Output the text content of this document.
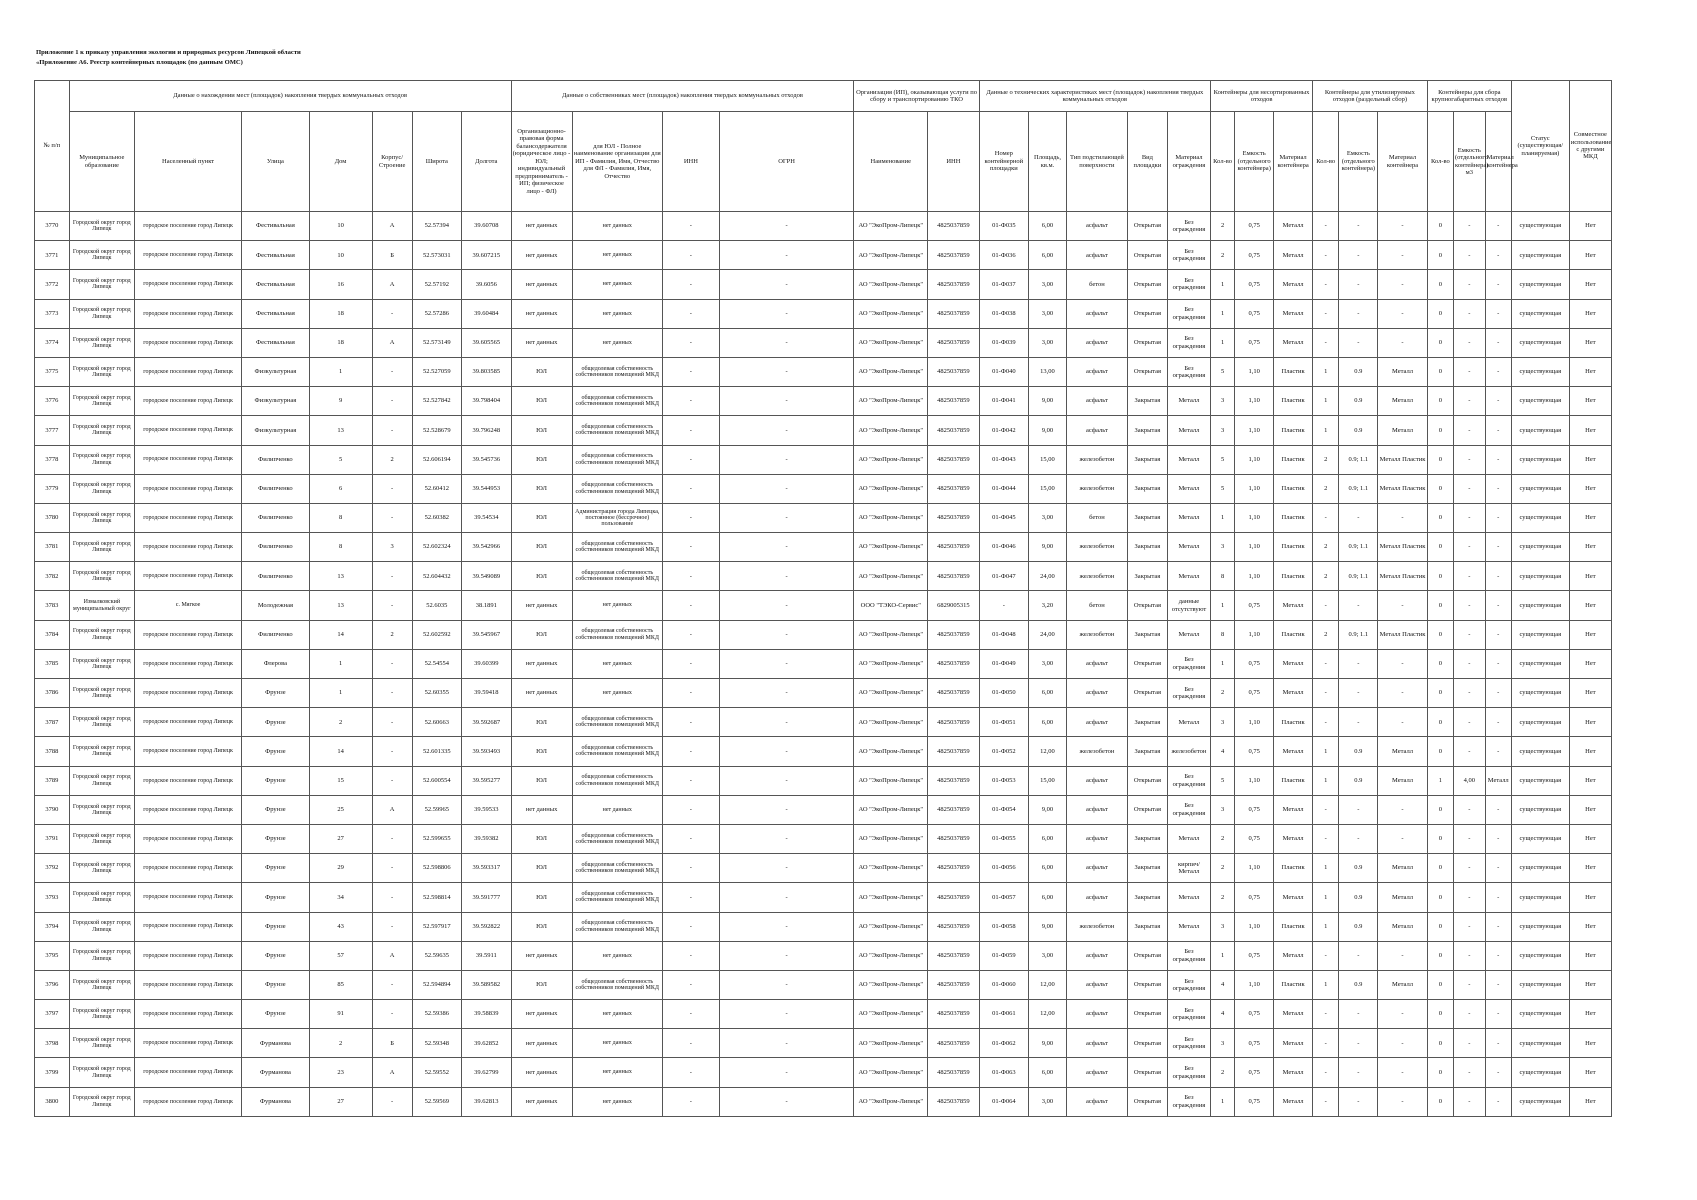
Приложение 1 к приказу управления экологии и природных ресурсов Липецкой области
«Приложение А6. Реестр контейнерных площадок (по данным ОМС)
№ п/п	Данные о нахождении мест (площадок) накопления твердых коммунальных отходов							Данные о собственниках мест (площадок) накопления твердых коммунальных отходов				Организация (ИП), оказывающая услуги по сбору и транспортированию ТКО		Данные о технических характеристиках мест (площадок) накопления твердых коммунальных отходов					Контейнеры для несортированных отходов			Контейнеры для утилизируемых отходов (раздельный сбор)			Контейнеры для сбора крупногабаритных отходов			Статус (существующая/ планируемая)	Совместное использование с другими МКД
	Муниципальное образование	Населенный пункт	Улица	Дом	Корпус/Строение	Широта	Долгота	Организационно-правовая форма балансодержателя (юридическое лицо - ЮЛ; индивидуальный предприниматель - ИП; физическое лицо - ФЛ)	для ЮЛ - Полное наименование организации для ИП - Фамилия, Имя, Отчество для ФЛ - Фамилия, Имя, Отчество	ИНН	ОГРН	Наименование	ИНН	Номер контейнерной площадки	Площадь, кв.м.	Тип подстилающей поверхности	Вид площадки	Материал ограждения	Кол-во	Емкость (отдельного контейнера)	Материал контейнера	Кол-во	Емкость (отдельного контейнера)	Материал контейнера	Кол-во	Емкость (отдельного контейнера) м3	Материал контейнера		
3770	Городской округ город Липецк	городское поселение город Липецк	Фестивальная	10	А	52.57394	39.60708	нет данных	нет данных	-	-	АО "ЭкоПром-Липецк"	4825037859	01-Ф035	6,00	асфальт	Открытая	Без ограждения	2	0,75	Металл	-	-	-	0	-	-	существующая	Нет
3771	Городской округ город Липецк	городское поселение город Липецк	Фестивальная	10	Б	52.573031	39.607215	нет данных	нет данных	-	-	АО "ЭкоПром-Липецк"	4825037859	01-Ф036	6,00	асфальт	Открытая	Без ограждения	2	0,75	Металл	-	-	-	0	-	-	существующая	Нет
3772	Городской округ город Липецк	городское поселение город Липецк	Фестивальная	16	А	52.57192	39.6056	нет данных	нет данных	-	-	АО "ЭкоПром-Липецк"	4825037859	01-Ф037	3,00	бетон	Открытая	Без ограждения	1	0,75	Металл	-	-	-	0	-	-	существующая	Нет
3773	Городской округ город Липецк	городское поселение город Липецк	Фестивальная	18	-	52.57286	39.60484	нет данных	нет данных	-	-	АО "ЭкоПром-Липецк"	4825037859	01-Ф038	3,00	асфальт	Открытая	Без ограждения	1	0,75	Металл	-	-	-	0	-	-	существующая	Нет
3774	Городской округ город Липецк	городское поселение город Липецк	Фестивальная	18	А	52.573149	39.605565	нет данных	нет данных	-	-	АО "ЭкоПром-Липецк"	4825037859	01-Ф039	3,00	асфальт	Открытая	Без ограждения	1	0,75	Металл	-	-	-	0	-	-	существующая	Нет
3775	Городской округ город Липецк	городское поселение город Липецк	Физкультурная	1	-	52.527059	39.803585	ЮЛ	общедолевая собственность собственников помещений МКД	-	-	АО "ЭкоПром-Липецк"	4825037859	01-Ф040	13,00	асфальт	Открытая	Без ограждения	5	1,10	Пластик	1	0.9	Металл	0	-	-	существующая	Нет
3776	Городской округ город Липецк	городское поселение город Липецк	Физкультурная	9	-	52.527842	39.798404	ЮЛ	общедолевая собственность собственников помещений МКД	-	-	АО "ЭкоПром-Липецк"	4825037859	01-Ф041	9,00	асфальт	Закрытая	Металл	3	1,10	Пластик	1	0.9	Металл	0	-	-	существующая	Нет
3777	Городской округ город Липецк	городское поселение город Липецк	Физкультурная	13	-	52.528679	39.796248	ЮЛ	общедолевая собственность собственников помещений МКД	-	-	АО "ЭкоПром-Липецк"	4825037859	01-Ф042	9,00	асфальт	Закрытая	Металл	3	1,10	Пластик	1	0.9	Металл	0	-	-	существующая	Нет
3778	Городской округ город Липецк	городское поселение город Липецк	Филипченко	5	2	52.606194	39.545736	ЮЛ	общедолевая собственность собственников помещений МКД	-	-	АО "ЭкоПром-Липецк"	4825037859	01-Ф043	15,00	железобетон	Закрытая	Металл	5	1,10	Пластик	2	0.9; 1.1	Металл Пластик	0	-	-	существующая	Нет
3779	Городской округ город Липецк	городское поселение город Липецк	Филипченко	6	-	52.60412	39.544953	ЮЛ	общедолевая собственность собственников помещений МКД	-	-	АО "ЭкоПром-Липецк"	4825037859	01-Ф044	15,00	железобетон	Закрытая	Металл	5	1,10	Пластик	2	0.9; 1.1	Металл Пластик	0	-	-	существующая	Нет
3780	Городской округ город Липецк	городское поселение город Липецк	Филипченко	8	-	52.60382	39.54534	ЮЛ	Администрация города Липецка, постоянное (бессрочное) пользование	-	-	АО "ЭкоПром-Липецк"	4825037859	01-Ф045	3,00	бетон	Закрытая	Металл	1	1,10	Пластик	-	-	-	0	-	-	существующая	Нет
3781	Городской округ город Липецк	городское поселение город Липецк	Филипченко	8	3	52.602324	39.542966	ЮЛ	общедолевая собственность собственников помещений МКД	-	-	АО "ЭкоПром-Липецк"	4825037859	01-Ф046	9,00	железобетон	Закрытая	Металл	3	1,10	Пластик	2	0.9; 1.1	Металл Пластик	0	-	-	существующая	Нет
3782	Городской округ город Липецк	городское поселение город Липецк	Филипченко	13	-	52.604432	39.549089	ЮЛ	общедолевая собственность собственников помещений МКД	-	-	АО "ЭкоПром-Липецк"	4825037859	01-Ф047	24,00	железобетон	Закрытая	Металл	8	1,10	Пластик	2	0.9; 1.1	Металл Пластик	0	-	-	существующая	Нет
3783	Измалковский муниципальный округ	с. Мягкое	Молодежная	13	-	52.6035	38.1891	нет данных	нет данных	-	-	ООО "ТЭКО-Сервис"	6829005315	-	3,20	бетон	Открытая	данные отсутствуют	1	0,75	Металл	-	-	-	0	-	-	существующая	Нет
3784	Городской округ город Липецк	городское поселение город Липецк	Филипченко	14	2	52.602592	39.545967	ЮЛ	общедолевая собственность собственников помещений МКД	-	-	АО "ЭкоПром-Липецк"	4825037859	01-Ф048	24,00	железобетон	Закрытая	Металл	8	1,10	Пластик	2	0.9; 1.1	Металл Пластик	0	-	-	существующая	Нет
3785	Городской округ город Липецк	городское поселение город Липецк	Флерова	1	-	52.54554	39.60399	нет данных	нет данных	-	-	АО "ЭкоПром-Липецк"	4825037859	01-Ф049	3,00	асфальт	Открытая	Без ограждения	1	0,75	Металл	-	-	-	0	-	-	существующая	Нет
3786	Городской округ город Липецк	городское поселение город Липецк	Фрунзе	1	-	52.60355	39.59418	нет данных	нет данных	-	-	АО "ЭкоПром-Липецк"	4825037859	01-Ф050	6,00	асфальт	Открытая	Без ограждения	2	0,75	Металл	-	-	-	0	-	-	существующая	Нет
3787	Городской округ город Липецк	городское поселение город Липецк	Фрунзе	2	-	52.60663	39.592687	ЮЛ	общедолевая собственность собственников помещений МКД	-	-	АО "ЭкоПром-Липецк"	4825037859	01-Ф051	6,00	асфальт	Закрытая	Металл	3	1,10	Пластик	-	-	-	0	-	-	существующая	Нет
3788	Городской округ город Липецк	городское поселение город Липецк	Фрунзе	14	-	52.601335	39.593493	ЮЛ	общедолевая собственность собственников помещений МКД	-	-	АО "ЭкоПром-Липецк"	4825037859	01-Ф052	12,00	железобетон	Закрытая	железобетон	4	0,75	Металл	1	0.9	Металл	0	-	-	существующая	Нет
3789	Городской округ город Липецк	городское поселение город Липецк	Фрунзе	15	-	52.600554	39.595277	ЮЛ	общедолевая собственность собственников помещений МКД	-	-	АО "ЭкоПром-Липецк"	4825037859	01-Ф053	15,00	асфальт	Открытая	Без ограждения	5	1,10	Пластик	1	0.9	Металл	1	4,00	Металл	существующая	Нет
3790	Городской округ город Липецк	городское поселение город Липецк	Фрунзе	25	А	52.59965	39.59533	нет данных	нет данных	-	-	АО "ЭкоПром-Липецк"	4825037859	01-Ф054	9,00	асфальт	Открытая	Без ограждения	3	0,75	Металл	-	-	-	0	-	-	существующая	Нет
3791	Городской округ город Липецк	городское поселение город Липецк	Фрунзе	27	-	52.599655	39.59382	ЮЛ	общедолевая собственность собственников помещений МКД	-	-	АО "ЭкоПром-Липецк"	4825037859	01-Ф055	6,00	асфальт	Закрытая	Металл	2	0,75	Металл	-	-	-	0	-	-	существующая	Нет
3792	Городской округ город Липецк	городское поселение город Липецк	Фрунзе	29	-	52.598806	39.593317	ЮЛ	общедолевая собственность собственников помещений МКД	-	-	АО "ЭкоПром-Липецк"	4825037859	01-Ф056	6,00	асфальт	Закрытая	кирпич/Металл	2	1,10	Пластик	1	0.9	Металл	0	-	-	существующая	Нет
3793	Городской округ город Липецк	городское поселение город Липецк	Фрунзе	34	-	52.598814	39.591777	ЮЛ	общедолевая собственность собственников помещений МКД	-	-	АО "ЭкоПром-Липецк"	4825037859	01-Ф057	6,00	асфальт	Закрытая	Металл	2	0,75	Металл	1	0.9	Металл	0	-	-	существующая	Нет
3794	Городской округ город Липецк	городское поселение город Липецк	Фрунзе	43	-	52.597917	39.592822	ЮЛ	общедолевая собственность собственников помещений МКД	-	-	АО "ЭкоПром-Липецк"	4825037859	01-Ф058	9,00	железобетон	Закрытая	Металл	3	1,10	Пластик	1	0.9	Металл	0	-	-	существующая	Нет
3795	Городской округ город Липецк	городское поселение город Липецк	Фрунзе	57	А	52.59635	39.5911	нет данных	нет данных	-	-	АО "ЭкоПром-Липецк"	4825037859	01-Ф059	3,00	асфальт	Открытая	Без ограждения	1	0,75	Металл	-	-	-	0	-	-	существующая	Нет
3796	Городской округ город Липецк	городское поселение город Липецк	Фрунзе	85	-	52.594894	39.589582	ЮЛ	общедолевая собственность собственников помещений МКД	-	-	АО "ЭкоПром-Липецк"	4825037859	01-Ф060	12,00	асфальт	Открытая	Без ограждения	4	1,10	Пластик	1	0.9	Металл	0	-	-	существующая	Нет
3797	Городской округ город Липецк	городское поселение город Липецк	Фрунзе	91	-	52.59386	39.58839	нет данных	нет данных	-	-	АО "ЭкоПром-Липецк"	4825037859	01-Ф061	12,00	асфальт	Открытая	Без ограждения	4	0,75	Металл	-	-	-	0	-	-	существующая	Нет
3798	Городской округ город Липецк	городское поселение город Липецк	Фурманова	2	Б	52.59348	39.62852	нет данных	нет данных	-	-	АО "ЭкоПром-Липецк"	4825037859	01-Ф062	9,00	асфальт	Открытая	Без ограждения	3	0,75	Металл	-	-	-	0	-	-	существующая	Нет
3799	Городской округ город Липецк	городское поселение город Липецк	Фурманова	23	А	52.59552	39.62799	нет данных	нет данных	-	-	АО "ЭкоПром-Липецк"	4825037859	01-Ф063	6,00	асфальт	Открытая	Без ограждения	2	0,75	Металл	-	-	-	0	-	-	существующая	Нет
3800	Городской округ город Липецк	городское поселение город Липецк	Фурманова	27	-	52.59569	39.62813	нет данных	нет данных	-	-	АО "ЭкоПром-Липецк"	4825037859	01-Ф064	3,00	асфальт	Открытая	Без ограждения	1	0,75	Металл	-	-	-	0	-	-	существующая	Нет
